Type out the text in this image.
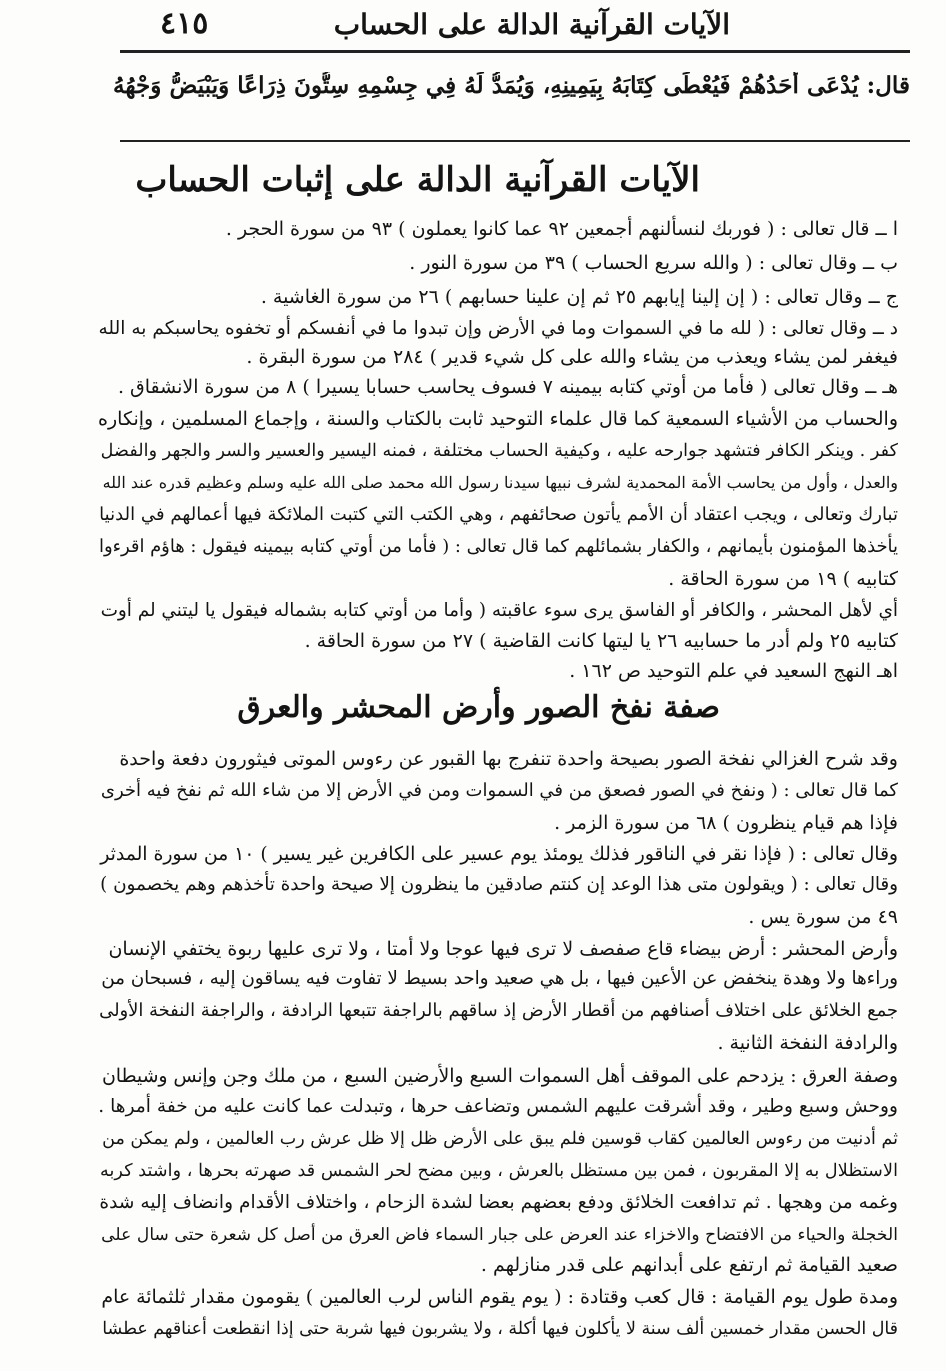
الآيات القرآنية الدالة على الحساب
٤١٥
قال: يُدْعَى أَحَدُهُمْ فَيُعْطَى كِتَابَهُ بِيَمِينِهِ، وَيُمَدُّ لَهُ فِي جِسْمِهِ سِتُّونَ ذِرَاعًا وَيَبْيَضُّ وَجْهُهُ
الآيات القرآنية الدالة على إثبات الحساب
ا ــ قال تعالى : ( فوربك لنسألنهم أجمعين ٩٢ عما كانوا يعملون ) ٩٣ من سورة الحجر .
ب ــ وقال تعالى : ( والله سريع الحساب ) ٣٩ من سورة النور .
ج ــ وقال تعالى : ( إن إلينا إيابهم ٢٥ ثم إن علينا حسابهم ) ٢٦ من سورة الغاشية .
د ــ وقال تعالى : ( لله ما في السموات وما في الأرض وإن تبدوا ما في أنفسكم أو تخفوه يحاسبكم به الله
فيغفر لمن يشاء ويعذب من يشاء والله على كل شيء قدير ) ٢٨٤ من سورة البقرة .
هـ ــ وقال تعالى ( فأما من أوتي كتابه بيمينه ٧ فسوف يحاسب حسابا يسيرا ) ٨ من سورة الانشقاق .
والحساب من الأشياء السمعية كما قال علماء التوحيد ثابت بالكتاب والسنة ، وإجماع المسلمين ، وإنكاره
كفر . وينكر الكافر فتشهد جوارحه عليه ، وكيفية الحساب مختلفة ، فمنه اليسير والعسير والسر والجهر والفضل
والعدل ، وأول من يحاسب الأمة المحمدية لشرف نبيها سيدنا رسول الله محمد صلى الله عليه وسلم وعظيم قدره عند الله
تبارك وتعالى ، ويجب اعتقاد أن الأمم يأتون صحائفهم ، وهي الكتب التي كتبت الملائكة فيها أعمالهم في الدنيا
يأخذها المؤمنون بأيمانهم ، والكفار بشمائلهم كما قال تعالى : ( فأما من أوتي كتابه بيمينه فيقول : هاؤم اقرءوا
كتابيه ) ١٩ من سورة الحاقة .
أي لأهل المحشر ، والكافر أو الفاسق يرى سوء عاقبته ( وأما من أوتي كتابه بشماله فيقول يا ليتني لم أوت
كتابيه ٢٥ ولم أدر ما حسابيه ٢٦ يا ليتها كانت القاضية ) ٢٧ من سورة الحاقة .
اهـ النهج السعيد في علم التوحيد ص ١٦٢ .
صفة نفخ الصور وأرض المحشر والعرق
وقد شرح الغزالي نفخة الصور بصيحة واحدة تنفرج بها القبور عن رءوس الموتى فيثورون دفعة واحدة
كما قال تعالى : ( ونفخ في الصور فصعق من في السموات ومن في الأرض إلا من شاء الله ثم نفخ فيه أخرى
فإذا هم قيام ينظرون ) ٦٨ من سورة الزمر .
وقال تعالى : ( فإذا نقر في الناقور فذلك يومئذ يوم عسير على الكافرين غير يسير ) ١٠ من سورة المدثر
وقال تعالى : ( ويقولون متى هذا الوعد إن كنتم صادقين ما ينظرون إلا صيحة واحدة تأخذهم وهم يخصمون )
٤٩ من سورة يس .
وأرض المحشر : أرض بيضاء قاع صفصف لا ترى فيها عوجا ولا أمتا ، ولا ترى عليها ربوة يختفي الإنسان
وراءها ولا وهدة ينخفض عن الأعين فيها ، بل هي صعيد واحد بسيط لا تفاوت فيه يساقون إليه ، فسبحان من
جمع الخلائق على اختلاف أصنافهم من أقطار الأرض إذ ساقهم بالراجفة تتبعها الرادفة ، والراجفة النفخة الأولى
والرادفة النفخة الثانية .
وصفة العرق : يزدحم على الموقف أهل السموات السبع والأرضين السبع ، من ملك وجن وإنس وشيطان
ووحش وسبع وطير ، وقد أشرقت عليهم الشمس وتضاعف حرها ، وتبدلت عما كانت عليه من خفة أمرها .
ثم أدنيت من رءوس العالمين كقاب قوسين فلم يبق على الأرض ظل إلا ظل عرش رب العالمين ، ولم يمكن من
الاستظلال به إلا المقربون ، فمن بين مستظل بالعرش ، وبين مضح لحر الشمس قد صهرته بحرها ، واشتد كربه
وغمه من وهجها . ثم تدافعت الخلائق ودفع بعضهم بعضا لشدة الزحام ، واختلاف الأقدام وانضاف إليه شدة
الخجلة والحياء من الافتضاح والاخزاء عند العرض على جبار السماء فاض العرق من أصل كل شعرة حتى سال على
صعيد القيامة ثم ارتفع على أبدانهم على قدر منازلهم .
ومدة طول يوم القيامة : قال كعب وقتادة : ( يوم يقوم الناس لرب العالمين ) يقومون مقدار ثلثمائة عام
قال الحسن مقدار خمسين ألف سنة لا يأكلون فيها أكلة ، ولا يشربون فيها شربة حتى إذا انقطعت أعناقهم عطشا
